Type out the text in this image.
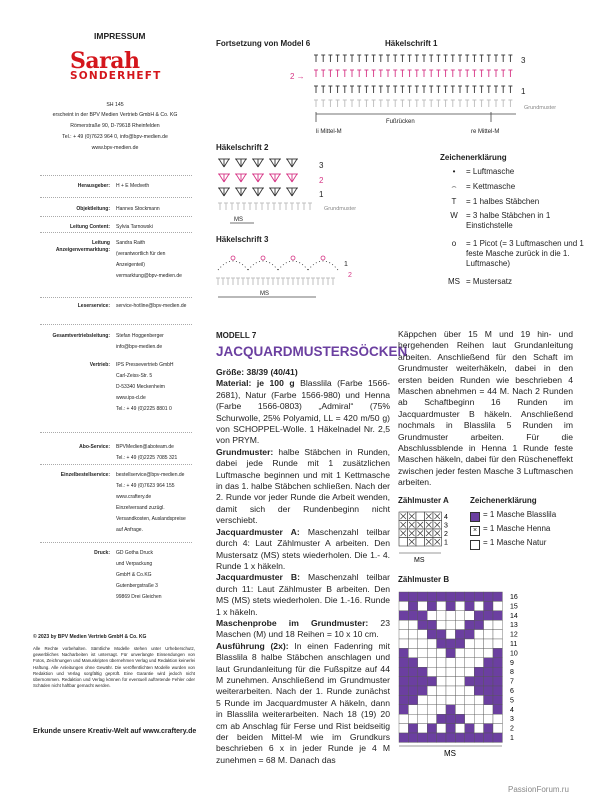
IMPRESSUM
Sarah
SONDERHEFT
SH 145
erscheint in der BPV Medien Vertrieb GmbH & Co. KG
Römerstraße 90, D-79618 Rheinfelden
Tel.: + 49 (0)7623 964 0, info@bpv-medien.de
www.bpv-medien.de
Herausgeber: H + E Medveth
Objektleitung: Hannes Stockmann
Leitung Content: Sylvia Tarnowski
Leitung Anzeigenvermarktung:
Sandra Raith
(verantwortlich für den
Anzeigenteil)
vermarktung@bpv-medien.de
Leserservice: service-hotline@bpv-medien.de
Gesamtvertriebsleitung: Stefan Hoggenberger
info@bpv-medien.de
Vertrieb: IPS Pressevertrieb GmbH
Carl-Zeiss-Str. 5
D-53340 Meckenheim
www.ips-d.de
Tel.: + 49 (0)2225 8801 0
Abo-Service: BPVMedien@aboteam.de
Tel.: + 49 (0)2225 7085 321
Einzelbestellservice: bestellservice@bpv-medien.de
Tel.: + 49 (0)7623 964 155
www.craftery.de
Einzelversand zuzügl.
Versandkosten, Auslandspreise
auf Anfrage.
Druck: GD Gotha Druck
und Verpackung
GmbH & Co.KG
Gutenbergstraße 3
99869 Drei Gleichen
© 2023 by BPV Medien Vertrieb GmbH & Co. KG
Alle Rechte vorbehalten. Sämtliche Modelle stehen unter Urheberschutz, gewerbliches Nacharbeiten ist untersagt. Für unverlangte Einsendungen von Fotos, Zeichnungen und Manuskripten übernehmen Verlag und Redaktion keinerlei Haftung. Alle Anleitungen ohne Gewähr. Die veröffentlichten Modelle wurden von Redaktion und Verlag sorgfältig geprüft. Eine Garantie wird jedoch nicht übernommen. Redaktion und Verlag können für eventuell auftretende Fehler oder Schäden nicht haftbar gemacht werden.
Erkunde unsere Kreativ-Welt auf www.craftery.de
Fortsetzung von Model 6	Häkelschrift 1
3
2 →
1
Grundmuster
Fußrücken
li Mittel-M	re Mittel-M
Häkelschrift 2
3
2
1
Grundmuster
MS
Häkelschrift 3
1
2
MS
Zeichenerklärung
•	= Luftmasche
⌢	= Kettmasche
T	= 1 halbes Stäbchen
W	= 3 halbe Stäbchen in 1 Einstichstelle
o	= 1 Picot (= 3 Luftmaschen und 1 feste Masche zurück in die 1. Luftmasche)
MS = Mustersatz
MODELL 7
JACQUARDMUSTERSÖCKEN

Größe: 38/39 (40/41)

Material: je 100 g Blasslila (Farbe 1566-2681), Natur (Farbe 1566-980) und Henna (Farbe 1566-0803) „Admiral“ (75% Schurwolle, 25% Polyamid, LL = 420 m/50 g) von SCHOPPEL-Wolle. 1 Häkelnadel Nr. 2,5 von PRYM.

Grundmuster: halbe Stäbchen in Runden, dabei jede Runde mit 1 zusätzlichen Luftmasche beginnen und mit 1 Kettmasche in das 1. halbe Stäbchen schließen. Nach der 2. Runde vor jeder Runde die Arbeit wenden, damit sich der Rundenbeginn nicht verschiebt.

Jacquardmuster A: Maschenzahl teilbar durch 4: Laut Zählmuster A arbeiten. Den Mustersatz (MS) stets wiederholen. Die 1.- 4. Runde 1 x häkeln.

Jacquardmuster B: Maschenzahl teilbar durch 11: Laut Zählmuster B arbeiten. Den MS (MS) stets wiederholen. Die 1.-16. Runde 1 x häkeln.

Maschenprobe im Grundmuster: 23 Maschen (M) und 18 Reihen = 10 x 10 cm.

Ausführung (2x): In einen Fadenring mit Blasslila 8 halbe Stäbchen anschlagen und laut Grundanleitung für die Fußspitze auf 44 M zunehmen. Anschließend im Grundmuster weiterarbeiten. Nach der 1. Runde zunächst 5 Runde im Jacquardmuster A häkeln, dann in Blasslila weiterarbeiten. Nach 18 (19) 20 cm ab Anschlag für Ferse und Rist beidseitig der beiden Mittel-M wie im Grundkurs beschrieben 6 x in jeder Runde je 4 M zunehmen = 68 M. Danach das

Käppchen über 15 M und 19 hin- und hergehenden Reihen laut Grundanleitung arbeiten. Anschließend für den Schaft im Grundmuster weiterhäkeln, dabei in den ersten beiden Runden wie beschrieben 4 Maschen abnehmen = 44 M. Nach 2 Runden ab Schaftbeginn 16 Runden im Jacquardmuster B häkeln. Anschließend nochmals in Blasslila 5 Runden im Grundmuster arbeiten. Für die Abschlussblende in Henna 1 Runde feste Maschen häkeln, dabei für den Rüscheneffekt zwischen jeder festen Masche 3 Luftmaschen arbeiten.
Zählmuster A
4
3
2
1
MS
Zeichenerklärung
= 1 Masche Blasslila
× = 1 Masche Henna
= 1 Masche Natur
Zählmuster B
16
15
14
13
12
11
10
9
8
7
6
5
4
3
2
1
MS
PassionForum.ru
